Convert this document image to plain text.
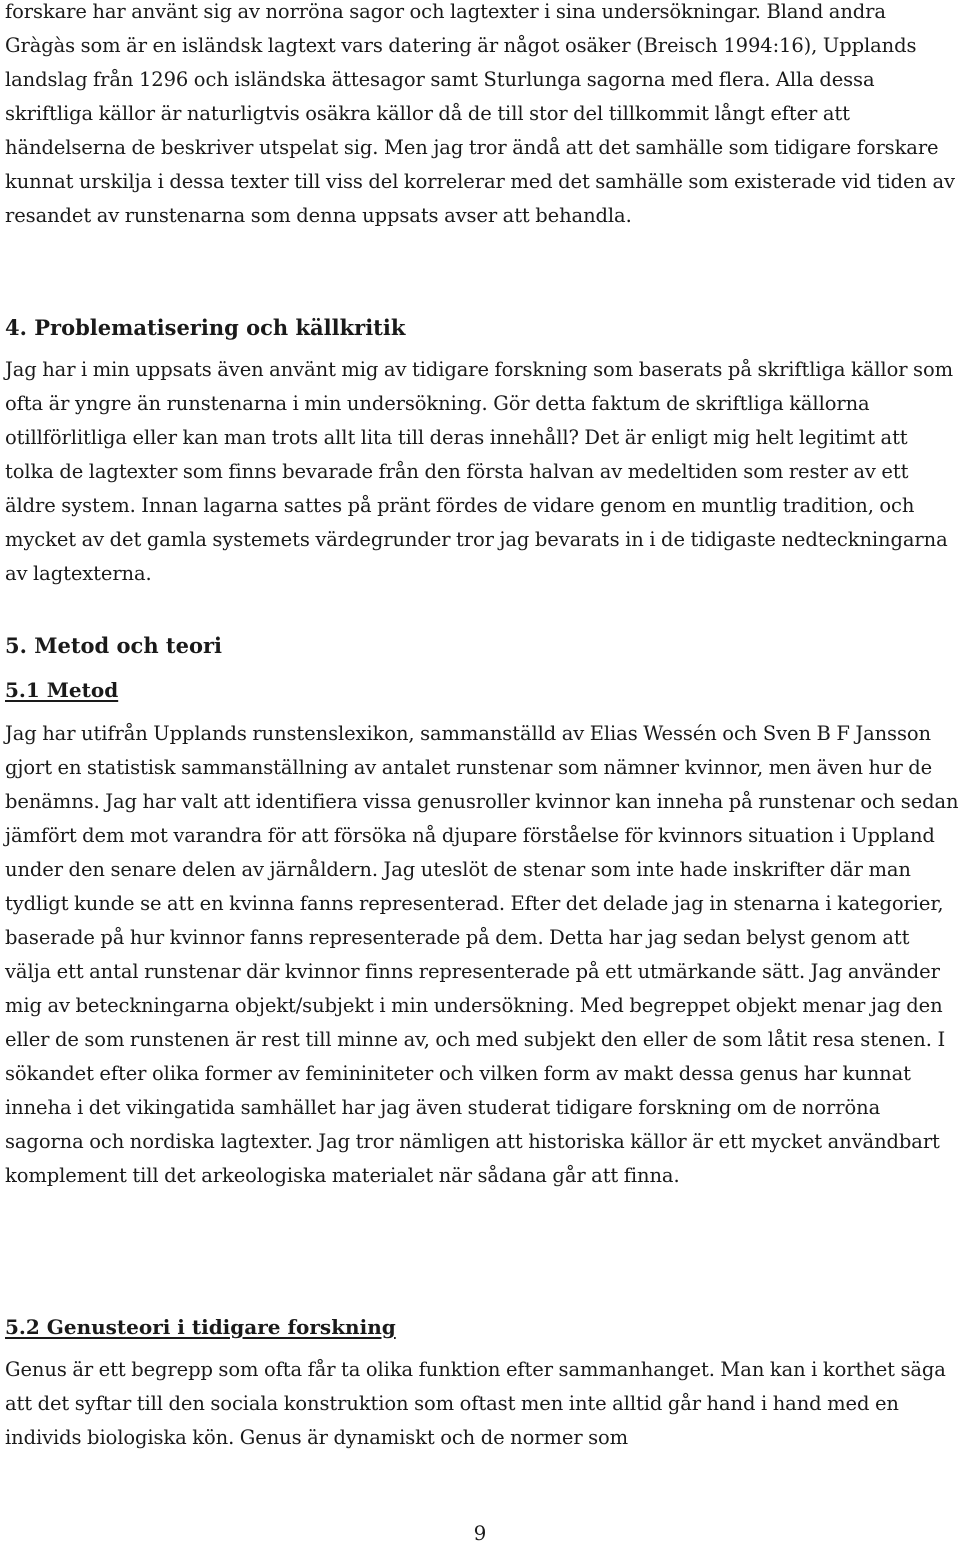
forskare har använt sig av norröna sagor och lagtexter i sina undersökningar. Bland andra Gràgàs som är en isländsk lagtext vars datering är något osäker (Breisch 1994:16), Upplands landslag från 1296 och isländska ättesagor samt Sturlunga sagorna med flera. Alla dessa skriftliga källor är naturligtvis osäkra källor då de till stor del tillkommit långt efter att händelserna de beskriver utspelat sig. Men jag tror ändå att det samhälle som tidigare forskare kunnat urskilja i dessa texter till viss del korrelerar med det samhälle som existerade vid tiden av resandet av runstenarna som denna uppsats avser att behandla.

4. Problematisering och källkritik

Jag har i min uppsats även använt mig av tidigare forskning som baserats på skriftliga källor som ofta är yngre än runstenarna i min undersökning. Gör detta faktum de skriftliga källorna otillförlitliga eller kan man trots allt lita till deras innehåll? Det är enligt mig helt legitimt att tolka de lagtexter som finns bevarade från den första halvan av medeltiden som rester av ett äldre system. Innan lagarna sattes på pränt fördes de vidare genom en muntlig tradition, och mycket av det gamla systemets värdegrunder tror jag bevarats in i de tidigaste nedteckningarna av lagtexterna.

5. Metod och teori
5.1 Metod

Jag har utifrån Upplands runstenslexikon, sammanställd av Elias Wessén och Sven B F Jansson gjort en statistisk sammanställning av antalet runstenar som nämner kvinnor, men även hur de benämns. Jag har valt att identifiera vissa genusroller kvinnor kan inneha på runstenar och sedan jämfört dem mot varandra för att försöka nå djupare förståelse för kvinnors situation i Uppland under den senare delen av järnåldern. Jag uteslöt de stenar som inte hade inskrifter där man tydligt kunde se att en kvinna fanns representerad. Efter det delade jag in stenarna i kategorier, baserade på hur kvinnor fanns representerade på dem. Detta har jag sedan belyst genom att välja ett antal runstenar där kvinnor finns representerade på ett utmärkande sätt. Jag använder mig av beteckningarna objekt/subjekt i min undersökning. Med begreppet objekt menar jag den eller de som runstenen är rest till minne av, och med subjekt den eller de som låtit resa stenen. I sökandet efter olika former av femininiteter och vilken form av makt dessa genus har kunnat inneha i det vikingatida samhället har jag även studerat tidigare forskning om de norröna sagorna och nordiska lagtexter. Jag tror nämligen att historiska källor är ett mycket användbart komplement till det arkeologiska materialet när sådana går att finna.

5.2 Genusteori i tidigare forskning

Genus är ett begrepp som ofta får ta olika funktion efter sammanhanget. Man kan i korthet säga att det syftar till den sociala konstruktion som oftast men inte alltid går hand i hand med en individs biologiska kön. Genus är dynamiskt och de normer som

9
